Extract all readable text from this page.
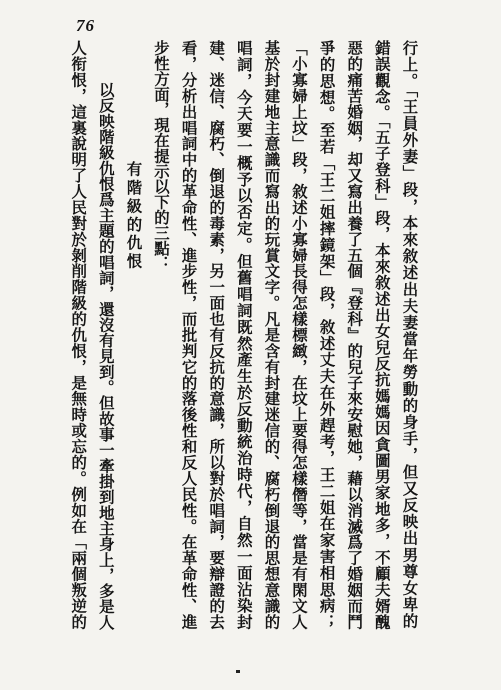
76
行上。「王員外妻」段，本來敘述出夫妻當年勞動的身手，但又反映出男尊女卑的
錯誤觀念。「五子登科」段，本來敘述出女兒反抗媽媽因貪圖男家地多，不顧夫婿醜
惡的痛苦婚姻，却又寫出養了五個『登科』的兒子來安慰她，藉以消滅爲了婚姻而鬥
爭的思想。至若「王二姐摔鏡架」段，敘述丈夫在外趕考，王二姐在家害相思病；
「小寡婦上坟」段，敘述小寡婦長得怎樣標緻，在坟上要得怎樣僭等，當是有閑文人
基於封建地主意識而寫出的玩賞文字。凡是含有封建迷信的、腐朽倒退的思想意識的
唱詞，今天要一概予以否定。但舊唱詞既然產生於反動統治時代，自然一面沾染封
建、迷信、腐朽、倒退的毒素，另一面也有反抗的意識，所以對於唱詞，要辯證的去
看，分析出唱詞中的革命性、進步性，而批判它的落後性和反人民性。在革命性、進
步性方面，現在提示以下的三點：
有階級的仇恨
以反映階級仇恨爲主題的唱詞，還沒有見到。但故事一牽掛到地主身上，多是人
人衔恨，這裏說明了人民對於剝削階級的仇恨，是無時或忘的。例如在「兩個叛逆的
